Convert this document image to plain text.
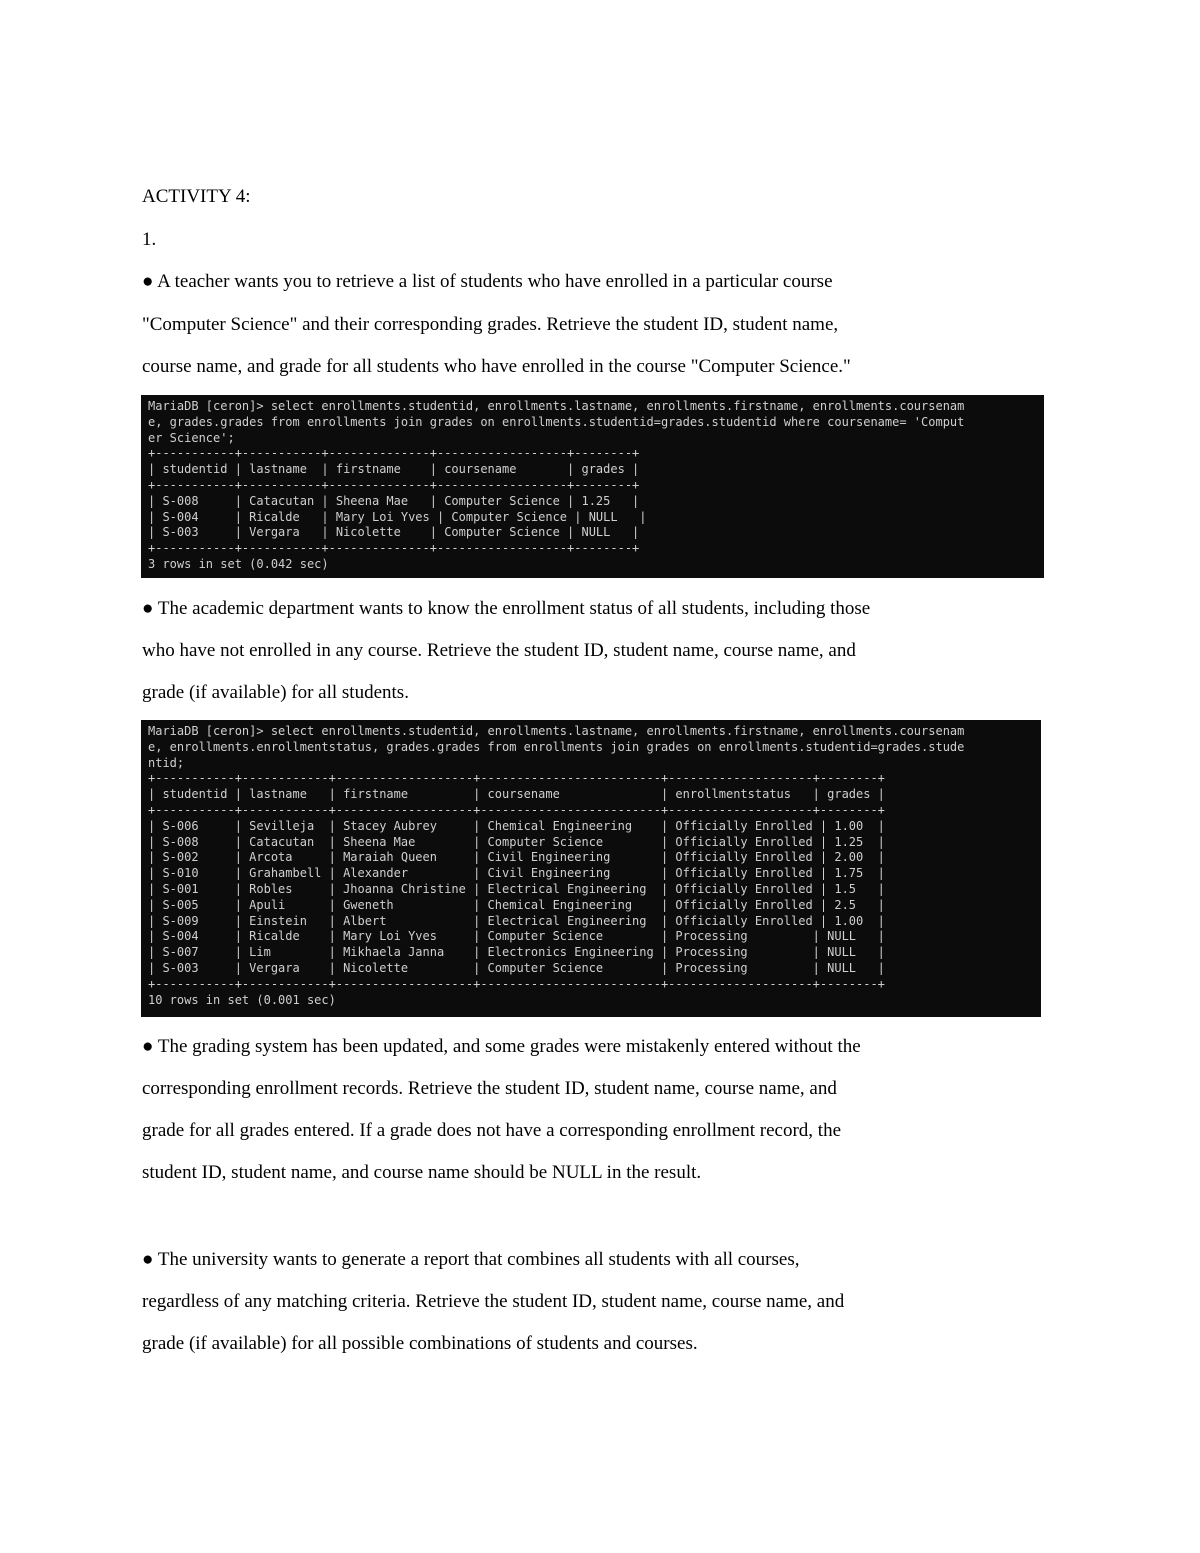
ACTIVITY 4:
1.
● A teacher wants you to retrieve a list of students who have enrolled in a particular course
"Computer Science" and their corresponding grades. Retrieve the student ID, student name,
course name, and grade for all students who have enrolled in the course "Computer Science."
MariaDB [ceron]> select enrollments.studentid, enrollments.lastname, enrollments.firstname, enrollments.coursenam
e, grades.grades from enrollments join grades on enrollments.studentid=grades.studentid where coursename= 'Comput
er Science';
+-----------+-----------+--------------+------------------+--------+
| studentid | lastname  | firstname    | coursename       | grades |
+-----------+-----------+--------------+------------------+--------+
| S-008     | Catacutan | Sheena Mae   | Computer Science | 1.25   |
| S-004     | Ricalde   | Mary Loi Yves | Computer Science | NULL   |
| S-003     | Vergara   | Nicolette    | Computer Science | NULL   |
+-----------+-----------+--------------+------------------+--------+
3 rows in set (0.042 sec)
● The academic department wants to know the enrollment status of all students, including those
who have not enrolled in any course. Retrieve the student ID, student name, course name, and
grade (if available) for all students.
MariaDB [ceron]> select enrollments.studentid, enrollments.lastname, enrollments.firstname, enrollments.coursenam
e, enrollments.enrollmentstatus, grades.grades from enrollments join grades on enrollments.studentid=grades.stude
ntid;
+-----------+------------+-------------------+-------------------------+--------------------+--------+
| studentid | lastname   | firstname         | coursename              | enrollmentstatus   | grades |
+-----------+------------+-------------------+-------------------------+--------------------+--------+
| S-006     | Sevilleja  | Stacey Aubrey     | Chemical Engineering    | Officially Enrolled | 1.00  |
| S-008     | Catacutan  | Sheena Mae        | Computer Science        | Officially Enrolled | 1.25  |
| S-002     | Arcota     | Maraiah Queen     | Civil Engineering       | Officially Enrolled | 2.00  |
| S-010     | Grahambell | Alexander         | Civil Engineering       | Officially Enrolled | 1.75  |
| S-001     | Robles     | Jhoanna Christine | Electrical Engineering  | Officially Enrolled | 1.5   |
| S-005     | Apuli      | Gweneth           | Chemical Engineering    | Officially Enrolled | 2.5   |
| S-009     | Einstein   | Albert            | Electrical Engineering  | Officially Enrolled | 1.00  |
| S-004     | Ricalde    | Mary Loi Yves     | Computer Science        | Processing         | NULL   |
| S-007     | Lim        | Mikhaela Janna    | Electronics Engineering | Processing         | NULL   |
| S-003     | Vergara    | Nicolette         | Computer Science        | Processing         | NULL   |
+-----------+------------+-------------------+-------------------------+--------------------+--------+
10 rows in set (0.001 sec)
● The grading system has been updated, and some grades were mistakenly entered without the
corresponding enrollment records. Retrieve the student ID, student name, course name, and
grade for all grades entered. If a grade does not have a corresponding enrollment record, the
student ID, student name, and course name should be NULL in the result.
● The university wants to generate a report that combines all students with all courses,
regardless of any matching criteria. Retrieve the student ID, student name, course name, and
grade (if available) for all possible combinations of students and courses.
